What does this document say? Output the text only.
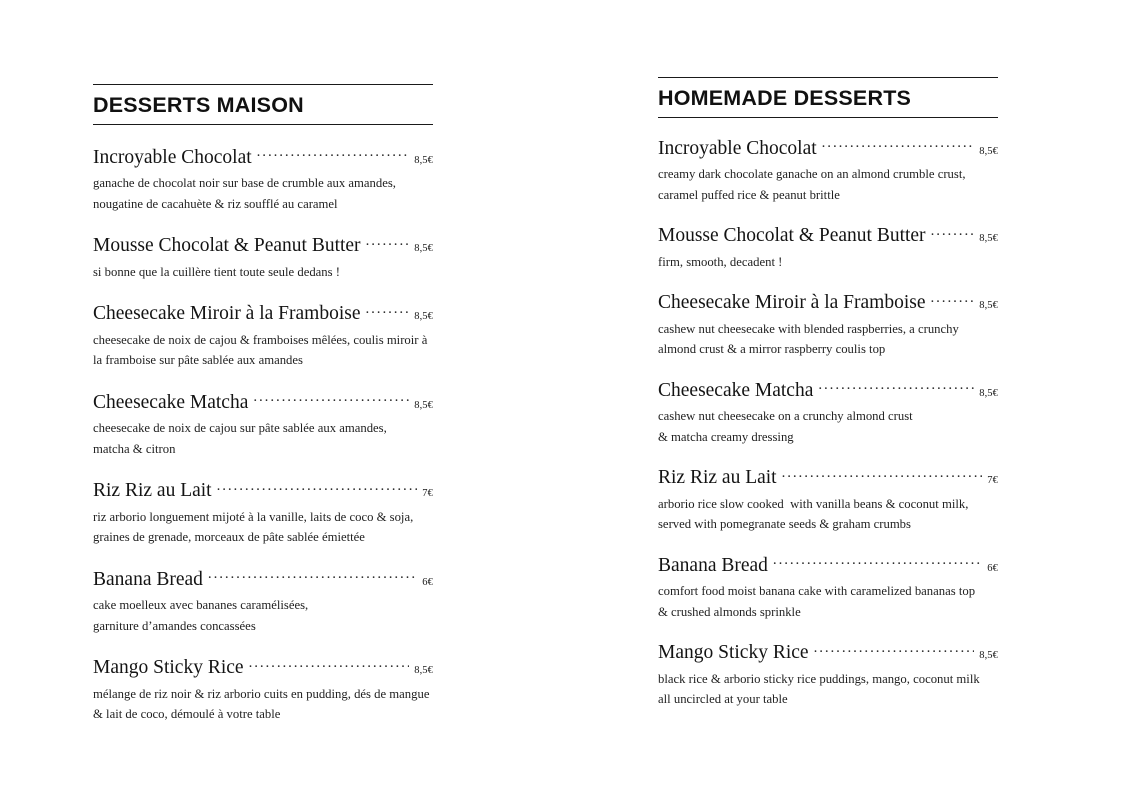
DESSERTS MAISON
Incroyable Chocolat .....	8,5€
ganache de chocolat noir sur base de crumble aux amandes,
nougatine de cacahuète & riz soufflé au caramel
Mousse Chocolat & Peanut Butter .....	8,5€
si bonne que la cuillère tient toute seule dedans !
Cheesecake Miroir à la Framboise .....	8,5€
cheesecake de noix de cajou & framboises mêlées, coulis miroir à
la framboise sur pâte sablée aux amandes
Cheesecake Matcha .....	8,5€
cheesecake de noix de cajou sur pâte sablée aux amandes,
matcha & citron
Riz Riz au Lait .....	7€
riz arborio longuement mijoté à la vanille, laits de coco & soja,
graines de grenade, morceaux de pâte sablée émiettée
Banana Bread .....	6€
cake moelleux avec bananes caramélisées,
garniture d’amandes concassées
Mango Sticky Rice .....	8,5€
mélange de riz noir & riz arborio cuits en pudding, dés de mangue
& lait de coco, démoulé à votre table
HOMEMADE DESSERTS
Incroyable Chocolat .....	8,5€
creamy dark chocolate ganache on an almond crumble crust,
caramel puffed rice & peanut brittle
Mousse Chocolat & Peanut Butter .....	8,5€
firm, smooth, decadent !
Cheesecake Miroir à la Framboise .....	8,5€
cashew nut cheesecake with blended raspberries, a crunchy
almond crust & a mirror raspberry coulis top
Cheesecake Matcha .....	8,5€
cashew nut cheesecake on a crunchy almond crust
& matcha creamy dressing
Riz Riz au Lait .....	7€
arborio rice slow cooked  with vanilla beans & coconut milk,
served with pomegranate seeds & graham crumbs
Banana Bread .....	6€
comfort food moist banana cake with caramelized bananas top
& crushed almonds sprinkle
Mango Sticky Rice .....	8,5€
black rice & arborio sticky rice puddings, mango, coconut milk
all uncircled at your table
